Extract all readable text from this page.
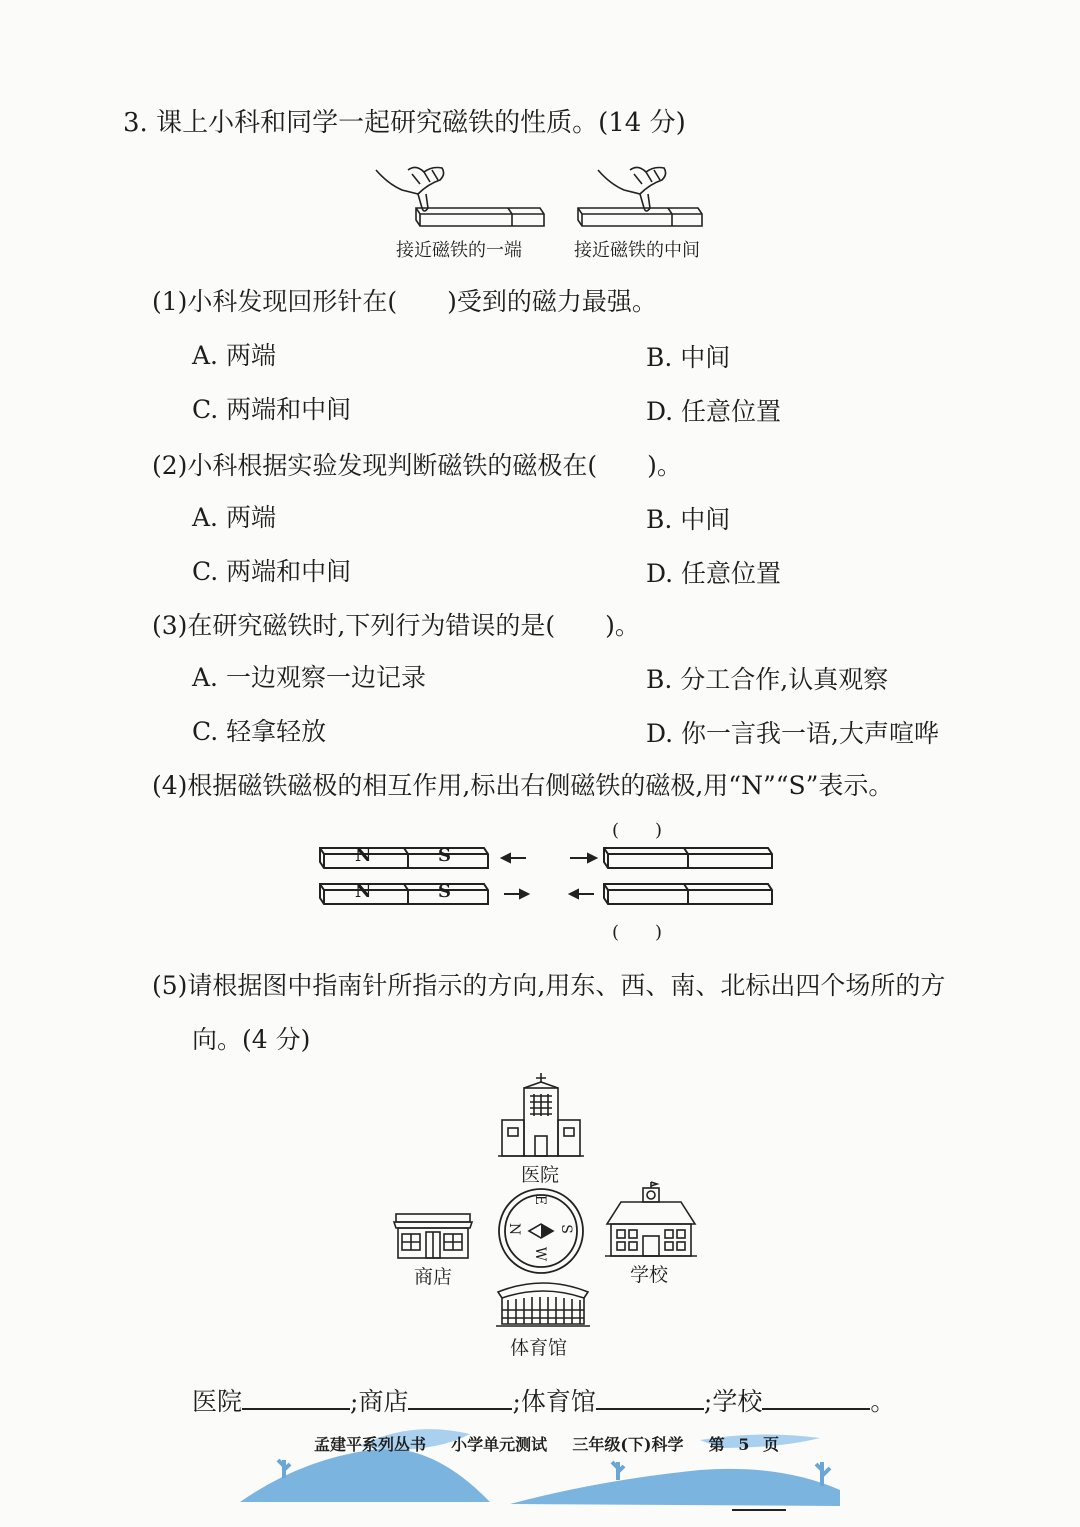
3. 课上小科和同学一起研究磁铁的性质。(14 分)
接近磁铁的一端	接近磁铁的中间
(1)小科发现回形针在(　　)受到的磁力最强。
A. 两端	B. 中间
C. 两端和中间	D. 任意位置
(2)小科根据实验发现判断磁铁的磁极在(　　)。
A. 两端	B. 中间
C. 两端和中间	D. 任意位置
(3)在研究磁铁时,下列行为错误的是(　　)。
A. 一边观察一边记录	B. 分工合作,认真观察
C. 轻拿轻放	D. 你一言我一语,大声喧哗
(4)根据磁铁磁极的相互作用,标出右侧磁铁的磁极,用“N”“S”表示。
(　　)
N	S
N	S
(　　)
(5)请根据图中指南针所指示的方向,用东、西、南、北标出四个场所的方
向。(4 分)
医院
商店
E
S
W
N
学校
体育馆
医院	;商店	;体育馆	;学校	。
孟建平系列丛书 小学单元测试 三年级(下)科学 第 5 页
